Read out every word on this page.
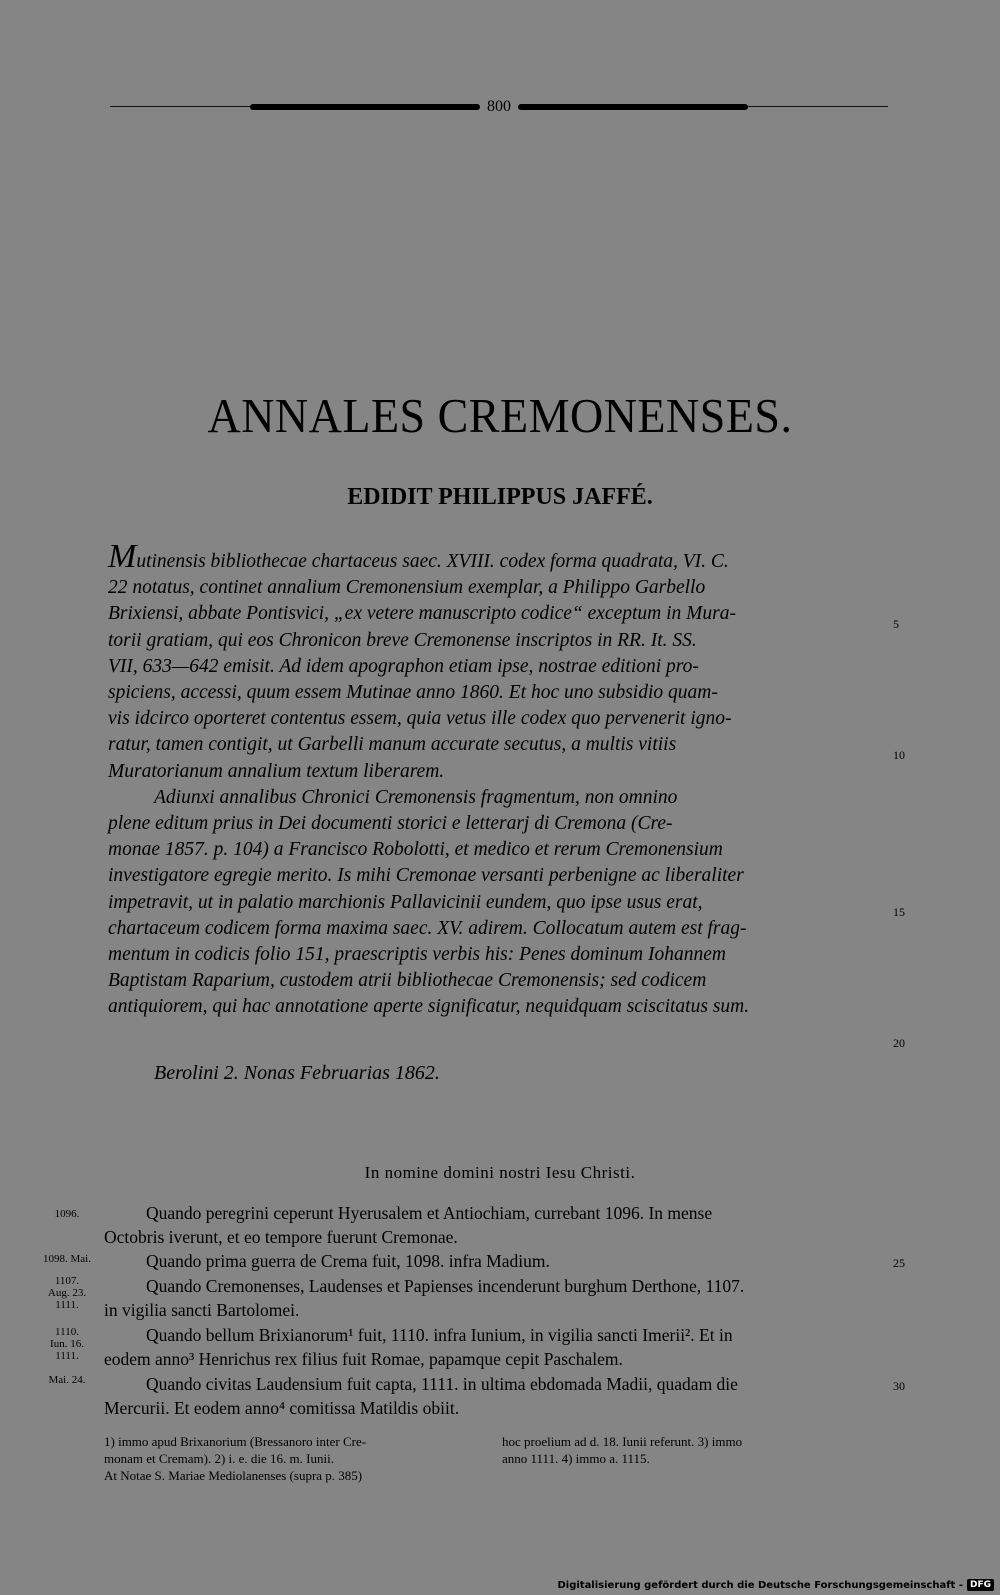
800
ANNALES CREMONENSES.
EDIDIT PHILIPPUS JAFFÉ.

Mutinensis bibliothecae chartaceus saec. XVIII. codex forma quadrata, VI. C.
22 notatus, continet annalium Cremonensium exemplar, a Philippo Garbello
Brixiensi, abbate Pontisvici, „ex vetere manuscripto codice“ exceptum in Mura-
torii gratiam, qui eos Chronicon breve Cremonense inscriptos in RR. It. SS.
VII, 633—642 emisit. Ad idem apographon etiam ipse, nostrae editioni pro-
spiciens, accessi, quum essem Mutinae anno 1860. Et hoc uno subsidio quam-
vis idcirco oporteret contentus essem, quia vetus ille codex quo pervenerit igno-
ratur, tamen contigit, ut Garbelli manum accurate secutus, a multis vitiis
Muratorianum annalium textum liberarem.

Adiunxi annalibus Chronici Cremonensis fragmentum, non omnino
plene editum prius in Dei documenti storici e letterarj di Cremona (Cre-
monae 1857. p. 104) a Francisco Robolotti, et medico et rerum Cremonensium
investigatore egregie merito. Is mihi Cremonae versanti perbenigne ac liberaliter
impetravit, ut in palatio marchionis Pallavicinii eundem, quo ipse usus erat,
chartaceum codicem forma maxima saec. XV. adirem. Collocatum autem est frag-
mentum in codicis folio 151, praescriptis verbis his: Penes dominum Iohannem
Baptistam Raparium, custodem atrii bibliothecae Cremonensis; sed codicem
antiquiorem, qui hac annotatione aperte significatur, nequidquam sciscitatus sum.

5
10
15
20
Berolini 2. Nonas Februarias 1862.
In nomine domini nostri Iesu Christi.
1096.
1098. Mai.
1107.
Aug. 23.
1111.
1110.
Iun. 16.
1111.
Mai. 24.
Quando peregrini ceperunt Hyerusalem et Antiochiam, currebant 1096. In mense
Octobris iverunt, et eo tempore fuerunt Cremonae.
Quando prima guerra de Crema fuit, 1098. infra Madium.
Quando Cremonenses, Laudenses et Papienses incenderunt burghum Derthone, 1107.
in vigilia sancti Bartolomei.
Quando bellum Brixianorum¹ fuit, 1110. infra Iunium, in vigilia sancti Imerii². Et in
eodem anno³ Henrichus rex filius fuit Romae, papamque cepit Paschalem.
Quando civitas Laudensium fuit capta, 1111. in ultima ebdomada Madii, quadam die
Mercurii. Et eodem anno⁴ comitissa Matildis obiit.
25
30
1) immo apud Brixanorium (Bressanoro inter Cre-
monam et Cremam). 2) i. e. die 16. m. Iunii.
At Notae S. Mariae Mediolanenses (supra p. 385)
hoc proelium ad d. 18. Iunii referunt. 3) immo
anno 1111. 4) immo a. 1115.
Digitalisierung gefördert durch die Deutsche Forschungsgemeinschaft - DFG
